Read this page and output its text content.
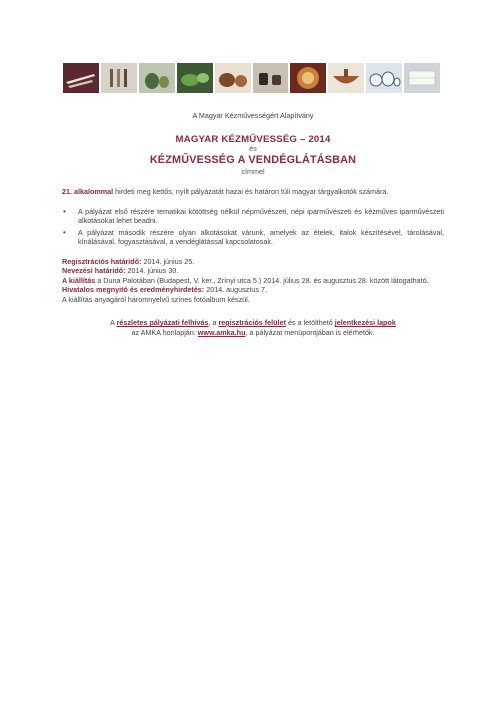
A Magyar Kézművességért Alapítvány

MAGYAR KÉZMŰVESSÉG – 2014

és

KÉZMŰVESSÉG A VENDÉGLÁTÁSBAN

címmel

21. alkalommal hirdeti meg kettős, nyílt pályázatát hazai és határon túli magyar tárgyalkotók számára.

• A pályázat első részére tematikai kötöttség nélkül népművészeti, népi iparművészeti és kézműves iparművészeti alkotásokat lehet beadni.
• A pályázat második részére olyan alkotásokat várunk, amelyek az ételek, italok készítésével, tárolásával, kínálásával, fogyasztásával, a vendéglátással kapcsolatosak.

Regisztrációs határidő: 2014. június 25.

Nevezési határidő: 2014. június 30.

A kiállítás a Duna Palotában (Budapest, V. ker., Zrínyi utca 5.) 2014. július 28. és augusztus 28. között látogatható.

Hivatalos megnyitó és eredményhirdetés: 2014. augusztus 7.

A kiállítás anyagáról háromnyelvű színes fotóalbum készül.

A részletes pályázati felhívás, a regisztrációs felület és a letölthető jelentkezési lapok
az AMKA honlapján: www.amka.hu, a pályázat menüpontjában is elérhetők.
